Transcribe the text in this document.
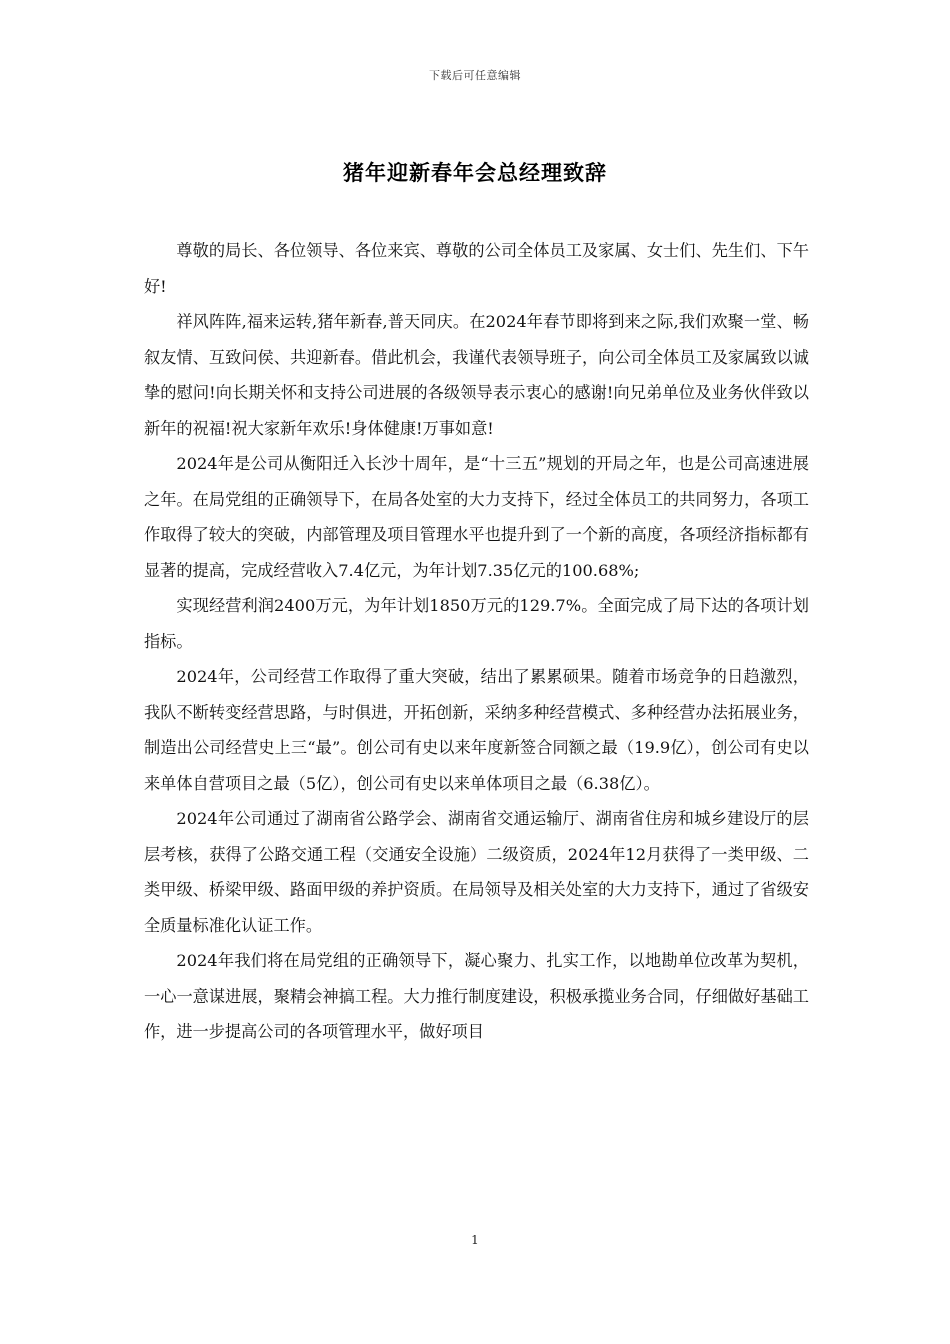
下载后可任意编辑
猪年迎新春年会总经理致辞

尊敬的局长、各位领导、各位来宾、尊敬的公司全体员工及家属、女士们、先生们、下午好!

祥风阵阵,福来运转,猪年新春,普天同庆。在2024年春节即将到来之际,我们欢聚一堂、畅叙友情、互致问侯、共迎新春。借此机会，我谨代表领导班子，向公司全体员工及家属致以诚挚的慰问!向长期关怀和支持公司进展的各级领导表示衷心的感谢!向兄弟单位及业务伙伴致以新年的祝福!祝大家新年欢乐!身体健康!万事如意!

2024年是公司从衡阳迁入长沙十周年，是“十三五”规划的开局之年，也是公司高速进展之年。在局党组的正确领导下，在局各处室的大力支持下，经过全体员工的共同努力，各项工作取得了较大的突破，内部管理及项目管理水平也提升到了一个新的高度，各项经济指标都有显著的提高，完成经营收入7.4亿元，为年计划7.35亿元的100.68%;

实现经营利润2400万元，为年计划1850万元的129.7%。全面完成了局下达的各项计划指标。

2024年，公司经营工作取得了重大突破，结出了累累硕果。随着市场竞争的日趋激烈，我队不断转变经营思路，与时俱进，开拓创新，采纳多种经营模式、多种经营办法拓展业务，制造出公司经营史上三“最”。创公司有史以来年度新签合同额之最（19.9亿），创公司有史以来单体自营项目之最（5亿），创公司有史以来单体项目之最（6.38亿）。

2024年公司通过了湖南省公路学会、湖南省交通运输厅、湖南省住房和城乡建设厅的层层考核，获得了公路交通工程（交通安全设施）二级资质，2024年12月获得了一类甲级、二类甲级、桥梁甲级、路面甲级的养护资质。在局领导及相关处室的大力支持下，通过了省级安全质量标准化认证工作。

2024年我们将在局党组的正确领导下，凝心聚力、扎实工作，以地勘单位改革为契机，一心一意谋进展，聚精会神搞工程。大力推行制度建设，积极承揽业务合同，仔细做好基础工作，进一步提高公司的各项管理水平，做好项目

1
